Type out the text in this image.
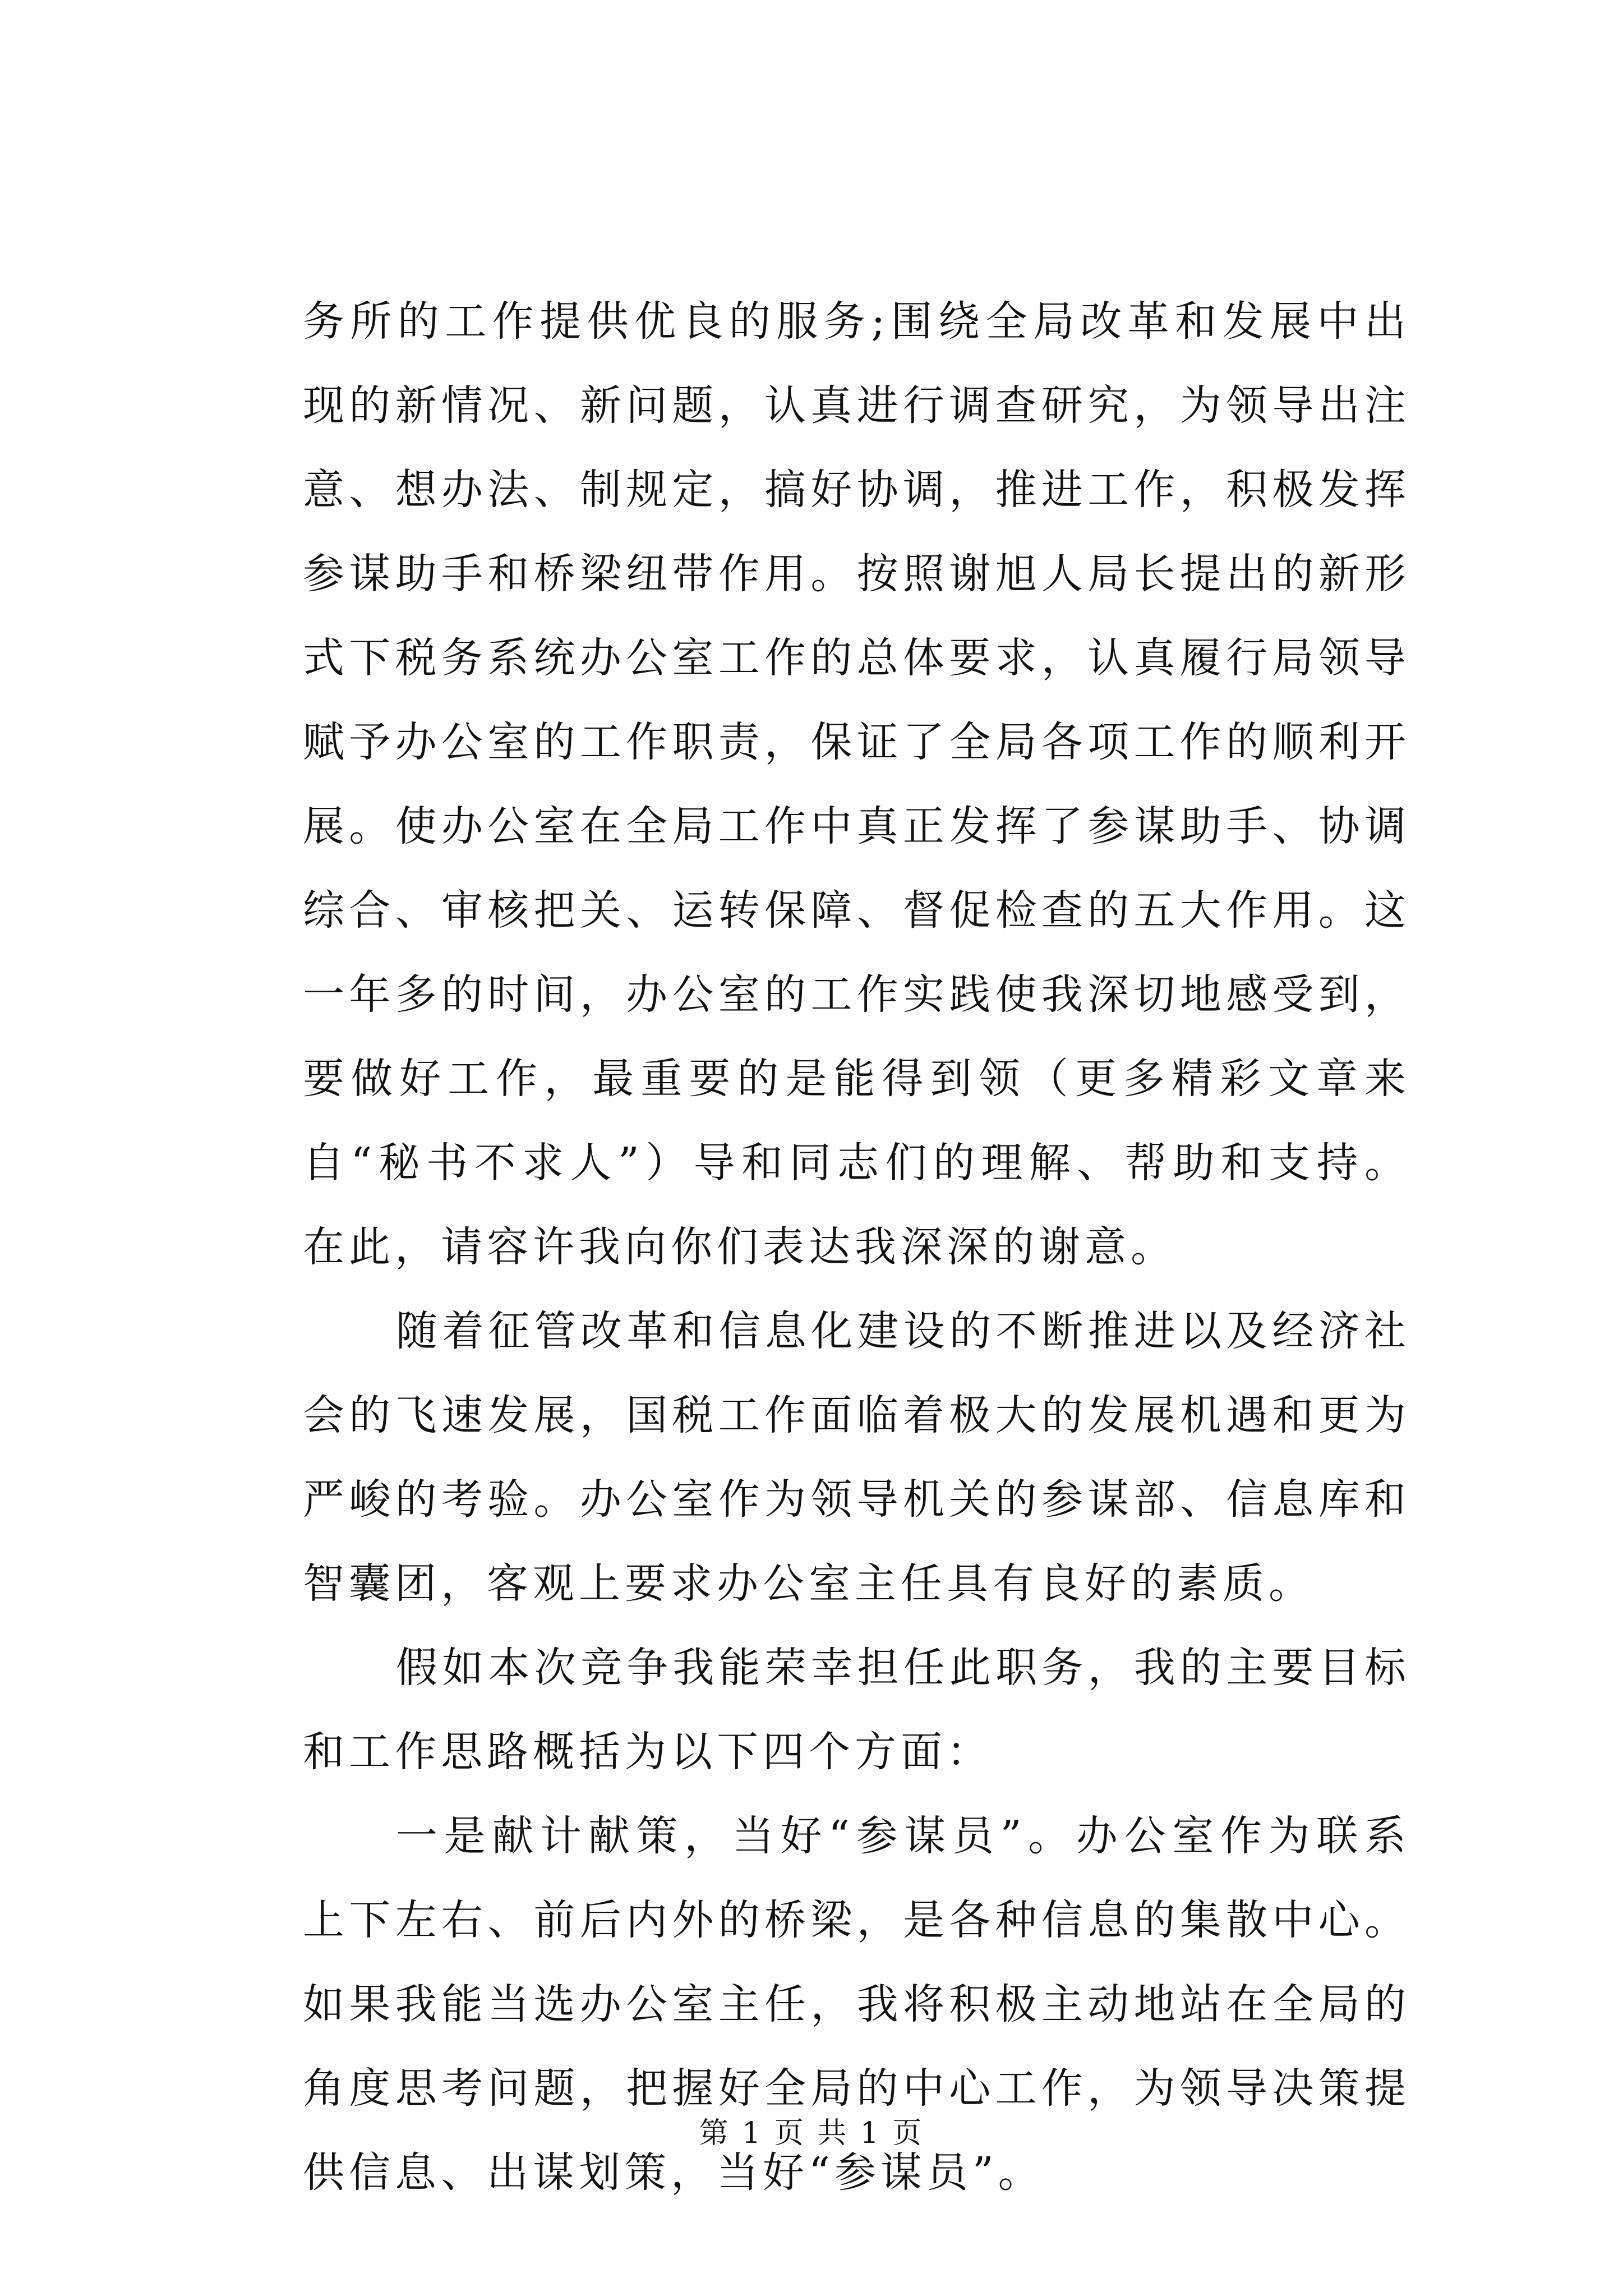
务所的工作提供优良的服务;围绕全局改革和发展中出现的新情况、新问题，认真进行调查研究，为领导出注意、想办法、制规定，搞好协调，推进工作，积极发挥参谋助手和桥梁纽带作用。按照谢旭人局长提出的新形式下税务系统办公室工作的总体要求，认真履行局领导赋予办公室的工作职责，保证了全局各项工作的顺利开展。使办公室在全局工作中真正发挥了参谋助手、协调综合、审核把关、运转保障、督促检查的五大作用。这一年多的时间，办公室的工作实践使我深切地感受到，要做好工作，最重要的是能得到领（更多精彩文章来自“秘书不求人”）导和同志们的理解、帮助和支持。在此，请容许我向你们表达我深深的谢意。

随着征管改革和信息化建设的不断推进以及经济社会的飞速发展，国税工作面临着极大的发展机遇和更为严峻的考验。办公室作为领导机关的参谋部、信息库和智囊团，客观上要求办公室主任具有良好的素质。

假如本次竞争我能荣幸担任此职务，我的主要目标和工作思路概括为以下四个方面：

一是献计献策，当好“参谋员”。办公室作为联系上下左右、前后内外的桥梁，是各种信息的集散中心。如果我能当选办公室主任，我将积极主动地站在全局的角度思考问题，把握好全局的中心工作，为领导决策提供信息、出谋划策，当好“参谋员”。

第 1 页 共 1 页
